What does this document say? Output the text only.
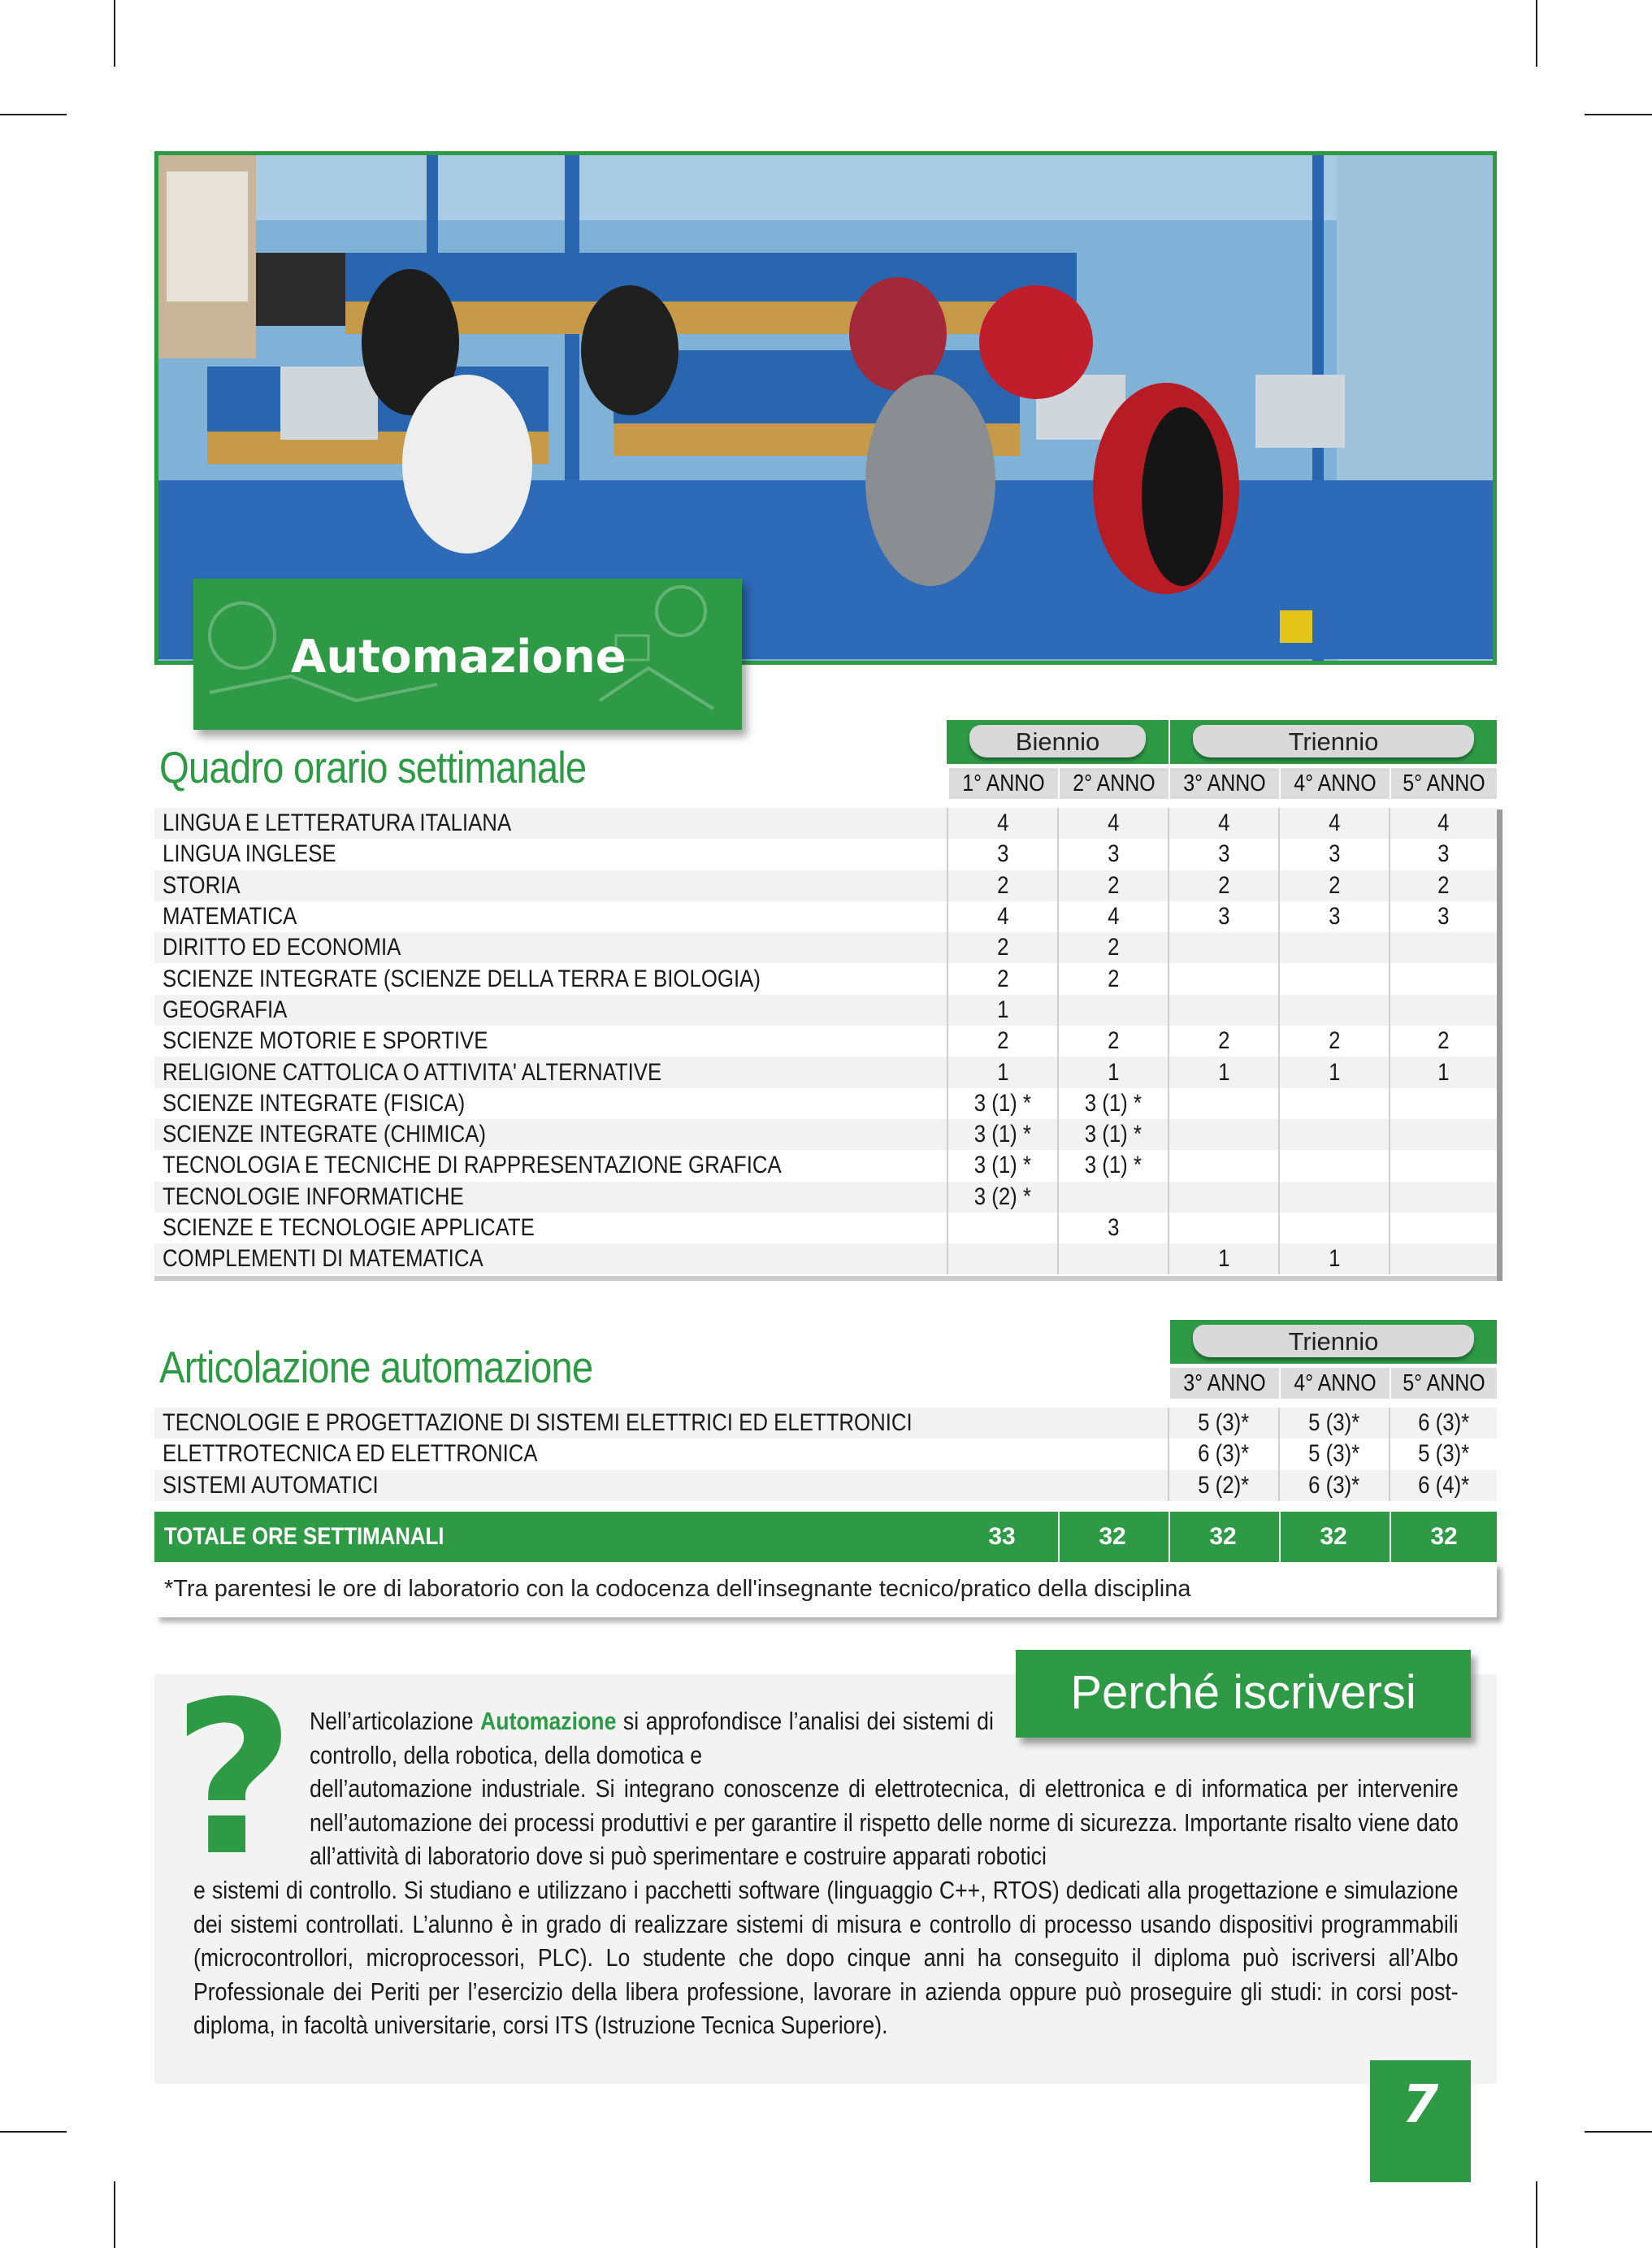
Automazione
Quadro orario settimanale
Biennio	Triennio
1° ANNO	2° ANNO	3° ANNO	4° ANNO	5° ANNO
LINGUA E LETTERATURA ITALIANA	4	4	4	4	4
LINGUA INGLESE	3	3	3	3	3
STORIA	2	2	2	2	2
MATEMATICA	4	4	3	3	3
DIRITTO ED ECONOMIA	2	2			
SCIENZE INTEGRATE (SCIENZE DELLA TERRA E BIOLOGIA)	2	2			
GEOGRAFIA	1				
SCIENZE MOTORIE E SPORTIVE	2	2	2	2	2
RELIGIONE CATTOLICA O ATTIVITA' ALTERNATIVE	1	1	1	1	1
SCIENZE INTEGRATE (FISICA)	3 (1) *	3 (1) *			
SCIENZE INTEGRATE (CHIMICA)	3 (1) *	3 (1) *			
TECNOLOGIA E TECNICHE DI RAPPRESENTAZIONE GRAFICA	3 (1) *	3 (1) *			
TECNOLOGIE INFORMATICHE	3 (2) *				
SCIENZE E TECNOLOGIE APPLICATE		3			
COMPLEMENTI DI MATEMATICA			1	1	
Articolazione automazione
Triennio
3° ANNO	4° ANNO	5° ANNO
TECNOLOGIE E PROGETTAZIONE DI SISTEMI ELETTRICI ED ELETTRONICI	5 (3)*	5 (3)*	6 (3)*
ELETTROTECNICA ED ELETTRONICA	6 (3)*	5 (3)*	5 (3)*
SISTEMI AUTOMATICI	5 (2)*	6 (3)*	6 (4)*
TOTALE ORE SETTIMANALI	33	32	32	32	32
*Tra parentesi le ore di laboratorio con la codocenza dell'insegnante tecnico/pratico della disciplina
Perché iscriversi
? Nell’articolazione Automazione si approfondisce l’analisi dei sistemi di controllo, della robotica, della domotica e
dell’automazione industriale. Si integrano conoscenze di elettrotecnica, di elettronica e di informatica per intervenire nell’automazione dei processi produttivi e per garantire il rispetto delle norme di sicurezza. Importante risalto viene dato all’attività di laboratorio dove si può sperimentare e costruire apparati robotici
e sistemi di controllo. Si studiano e utilizzano i pacchetti software (linguaggio C++, RTOS) dedicati alla progettazione e simulazione dei sistemi controllati. L’alunno è in grado di realizzare sistemi di misura e controllo di processo usando dispositivi programmabili (microcontrollori, microprocessori, PLC). Lo studente che dopo cinque anni ha conseguito il diploma può iscriversi all’Albo Professionale dei Periti per l’esercizio della libera professione, lavorare in azienda oppure può proseguire gli studi: in corsi post-diploma, in facoltà universitarie, corsi ITS (Istruzione Tecnica Superiore).
7
